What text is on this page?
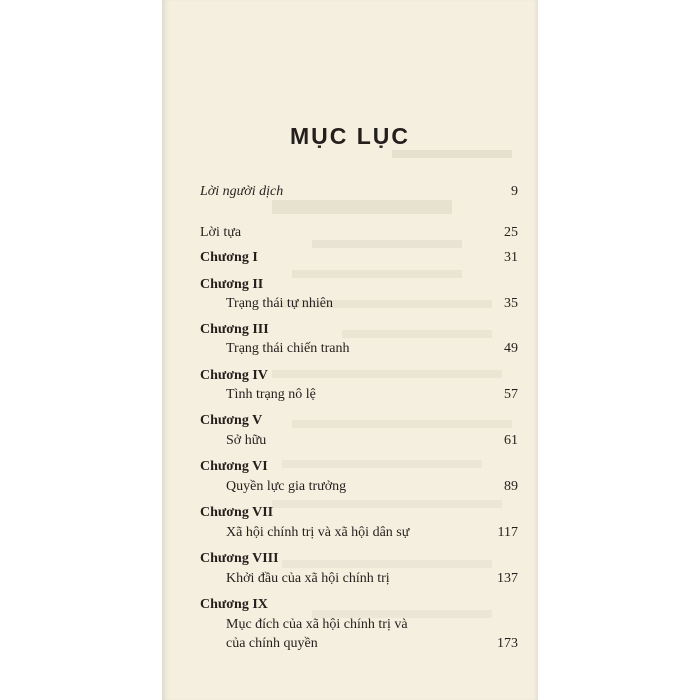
MỤC LỤC
Lời người dịch	9
Lời tựa	25
Chương I	31
Chương II
Trạng thái tự nhiên	35
Chương III
Trạng thái chiến tranh	49
Chương IV
Tình trạng nô lệ	57
Chương V
Sở hữu	61
Chương VI
Quyền lực gia trưởng	89
Chương VII
Xã hội chính trị và xã hội dân sự	117
Chương VIII
Khởi đầu của xã hội chính trị	137
Chương IX
Mục đích của xã hội chính trị và
của chính quyền	173
